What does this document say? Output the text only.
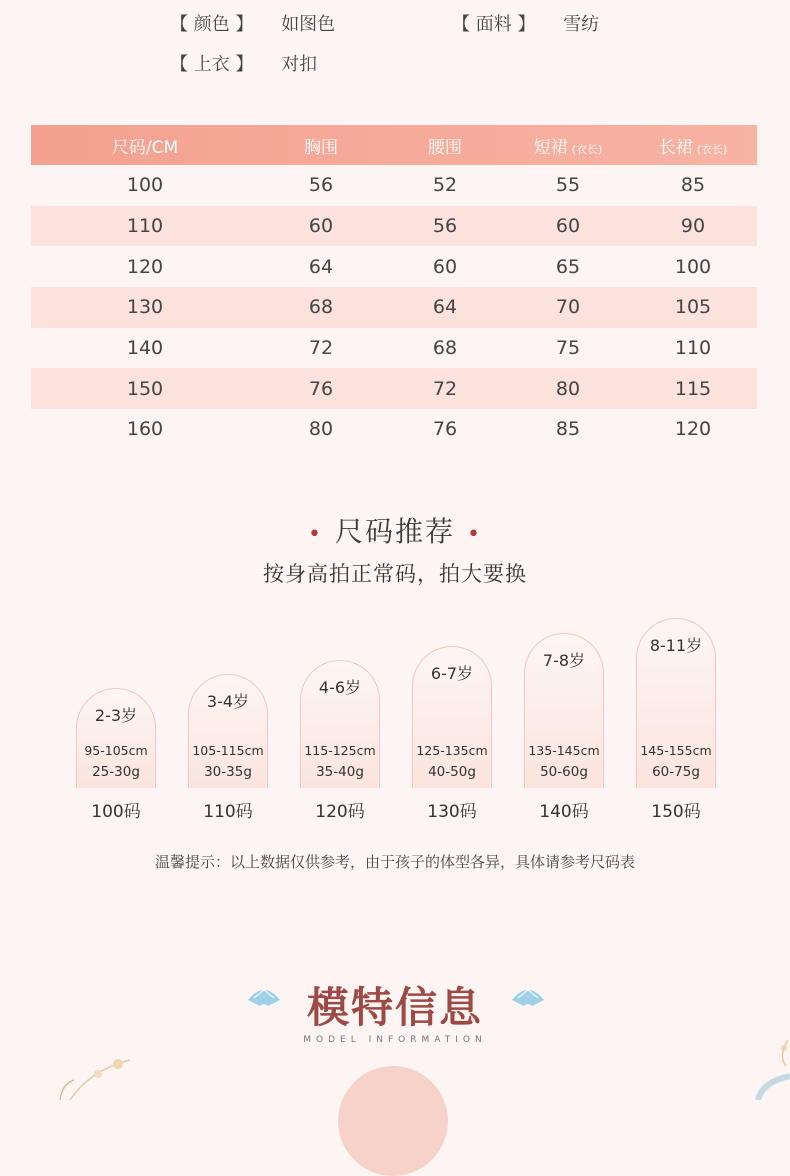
【 颜色 】 如图色	【 面料 】 雪纺
【 上衣 】 对扣
尺码/CM	胸围	腰围	短裙 (衣长)	长裙 (衣长)
100	56	52	55	85
110	60	56	60	90
120	64	60	65	100
130	68	64	70	105
140	72	68	75	110
150	76	72	80	115
160	80	76	85	120
• 尺码推荐 •
按身高拍正常码，拍大要换
2-3岁
95-105cm
25-30g
100码
3-4岁
105-115cm
30-35g
110码
4-6岁
115-125cm
35-40g
120码
6-7岁
125-135cm
40-50g
130码
7-8岁
135-145cm
50-60g
140码
8-11岁
145-155cm
60-75g
150码
温馨提示：以上数据仅供参考，由于孩子的体型各异，具体请参考尺码表
模特信息
MODEL INFORMATION
